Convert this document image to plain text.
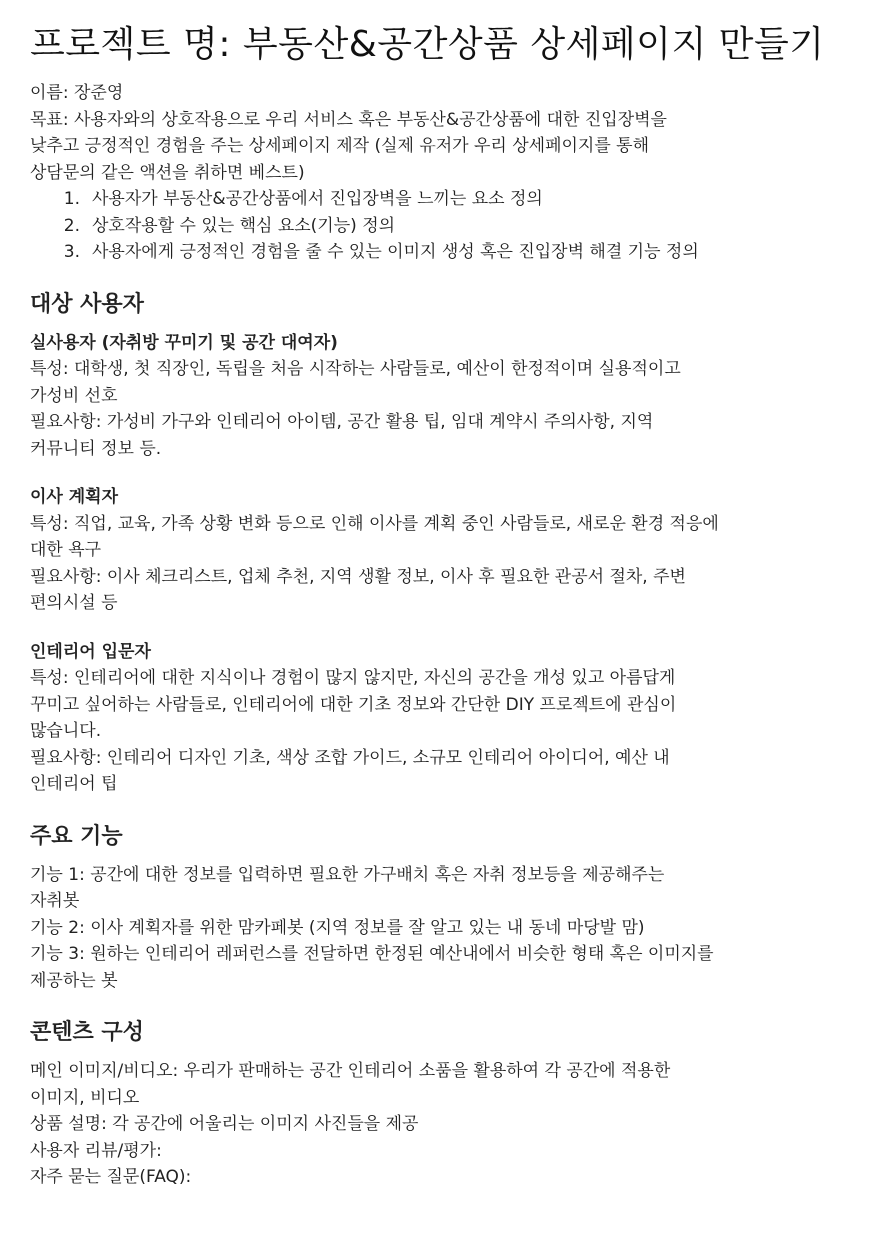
프로젝트 명: 부동산&공간상품 상세페이지 만들기

이름: 장준영

목표: 사용자와의 상호작용으로 우리 서비스 혹은 부동산&공간상품에 대한 진입장벽을

낮추고 긍정적인 경험을 주는 상세페이지 제작 (실제 유저가 우리 상세페이지를 통해

상담문의 같은 액션을 취하면 베스트)

1. 사용자가 부동산&공간상품에서 진입장벽을 느끼는 요소 정의
2. 상호작용할 수 있는 핵심 요소(기능) 정의
3. 사용자에게 긍정적인 경험을 줄 수 있는 이미지 생성 혹은 진입장벽 해결 기능 정의
대상 사용자

실사용자 (자취방 꾸미기 및 공간 대여자)

특성: 대학생, 첫 직장인, 독립을 처음 시작하는 사람들로, 예산이 한정적이며 실용적이고

가성비 선호

필요사항: 가성비 가구와 인테리어 아이템, 공간 활용 팁, 임대 계약시 주의사항, 지역

커뮤니티 정보 등.

이사 계획자

특성: 직업, 교육, 가족 상황 변화 등으로 인해 이사를 계획 중인 사람들로, 새로운 환경 적응에

대한 욕구

필요사항: 이사 체크리스트, 업체 추천, 지역 생활 정보, 이사 후 필요한 관공서 절차, 주변

편의시설 등

인테리어 입문자

특성: 인테리어에 대한 지식이나 경험이 많지 않지만, 자신의 공간을 개성 있고 아름답게

꾸미고 싶어하는 사람들로, 인테리어에 대한 기초 정보와 간단한 DIY 프로젝트에 관심이

많습니다.

필요사항: 인테리어 디자인 기초, 색상 조합 가이드, 소규모 인테리어 아이디어, 예산 내

인테리어 팁

주요 기능

기능 1: 공간에 대한 정보를 입력하면 필요한 가구배치 혹은 자취 정보등을 제공해주는

자취봇

기능 2: 이사 계획자를 위한 맘카페봇 (지역 정보를 잘 알고 있는 내 동네 마당발 맘)

기능 3: 원하는 인테리어 레퍼런스를 전달하면 한정된 예산내에서 비슷한 형태 혹은 이미지를

제공하는 봇

콘텐츠 구성

메인 이미지/비디오: 우리가 판매하는 공간 인테리어 소품을 활용하여 각 공간에 적용한

이미지, 비디오

상품 설명: 각 공간에 어울리는 이미지 사진들을 제공

사용자 리뷰/평가:

자주 묻는 질문(FAQ):
